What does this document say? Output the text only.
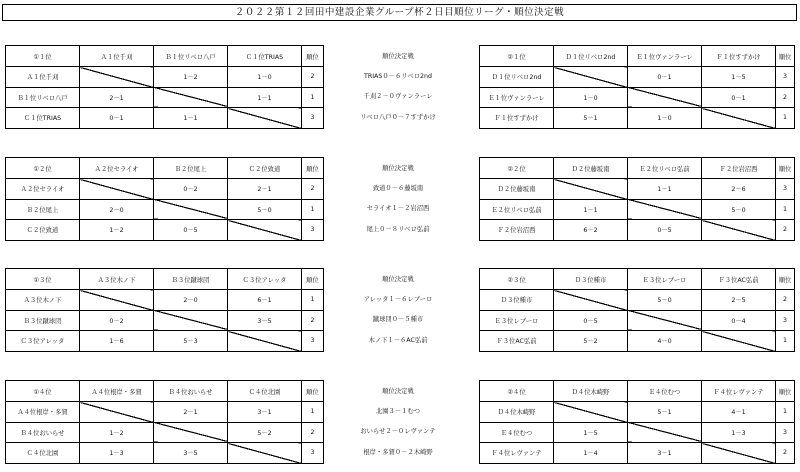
２０２２第１２回田中建設企業グループ杯２日目順位リーグ・順位決定戦
①１位	Ａ１位千刈	Ｂ１位リベロ八戸	Ｃ１位TRIAS	順位
Ａ１位千刈		1－2	1－0	2
Ｂ１位リベロ八戸	2－1		1－1	1
Ｃ１位TRIAS	0－1	1－1		3
順位決定戦
TRIAS０－６リベロ2nd
千刈２－０ヴァンラーレ
リベロ八戸０－７すずかけ
②１位	Ｄ１位リベロ2nd	Ｅ１位ヴァンラーレ	Ｆ１位すずかけ	順位
Ｄ１位リベロ2nd		0－1	1－5	3
Ｅ１位ヴァンラーレ	1－0		0－1	2
Ｆ１位すずかけ	5－1	1－0		1
①２位	Ａ２位セライオ	Ｂ２位尾上	Ｃ２位致道	順位
Ａ２位セライオ		0－2	2－1	2
Ｂ２位尾上	2－0		5－0	1
Ｃ２位致道	1－2	0－5		3
順位決定戦
致道０－６藤坂南
セライオ１－２岩沼西
尾上０－８リベロ弘前
②２位	Ｄ２位藤坂南	Ｅ２位リベロ弘前	Ｆ２位岩沼西	順位
Ｄ２位藤坂南		1－1	2－6	3
Ｅ２位リベロ弘前	1－1		5－0	1
Ｆ２位岩沼西	6－2	0－5		2
①３位	Ａ３位木ノ下	Ｂ３位蹴球団	Ｃ３位アレッタ	順位
Ａ３位木ノ下		2－0	6－1	1
Ｂ３位蹴球団	0－2		3－5	2
Ｃ３位アレッタ	1－6	5－3		3
順位決定戦
アレッタ１－６レブーロ
蹴球団０－５種市
木ノ下１－６AC弘前
②３位	Ｄ３位種市	Ｅ３位レブーロ	Ｆ３位AC弘前	順位
Ｄ３位種市		5－0	2－5	2
Ｅ３位レブーロ	0－5		0－4	3
Ｆ３位AC弘前	5－2	4－0		1
①４位	Ａ４位根岸・多賀	Ｂ４位おいらせ	Ｃ４位北園	順位
Ａ４位根岸・多賀		2－1	3－1	1
Ｂ４位おいらせ	1－2		5－2	2
Ｃ４位北園	1－3	3－5		3
順位決定戦
北園３－１むつ
おいらせ２－０レヴァンテ
根岸・多賀０－２木崎野
②４位	Ｄ４位木崎野	Ｅ４位むつ	Ｆ４位レヴァンテ	順位
Ｄ４位木崎野		5－1	4－1	1
Ｅ４位むつ	1－5		1－3	3
Ｆ４位レヴァンテ	1－4	3－1		2
